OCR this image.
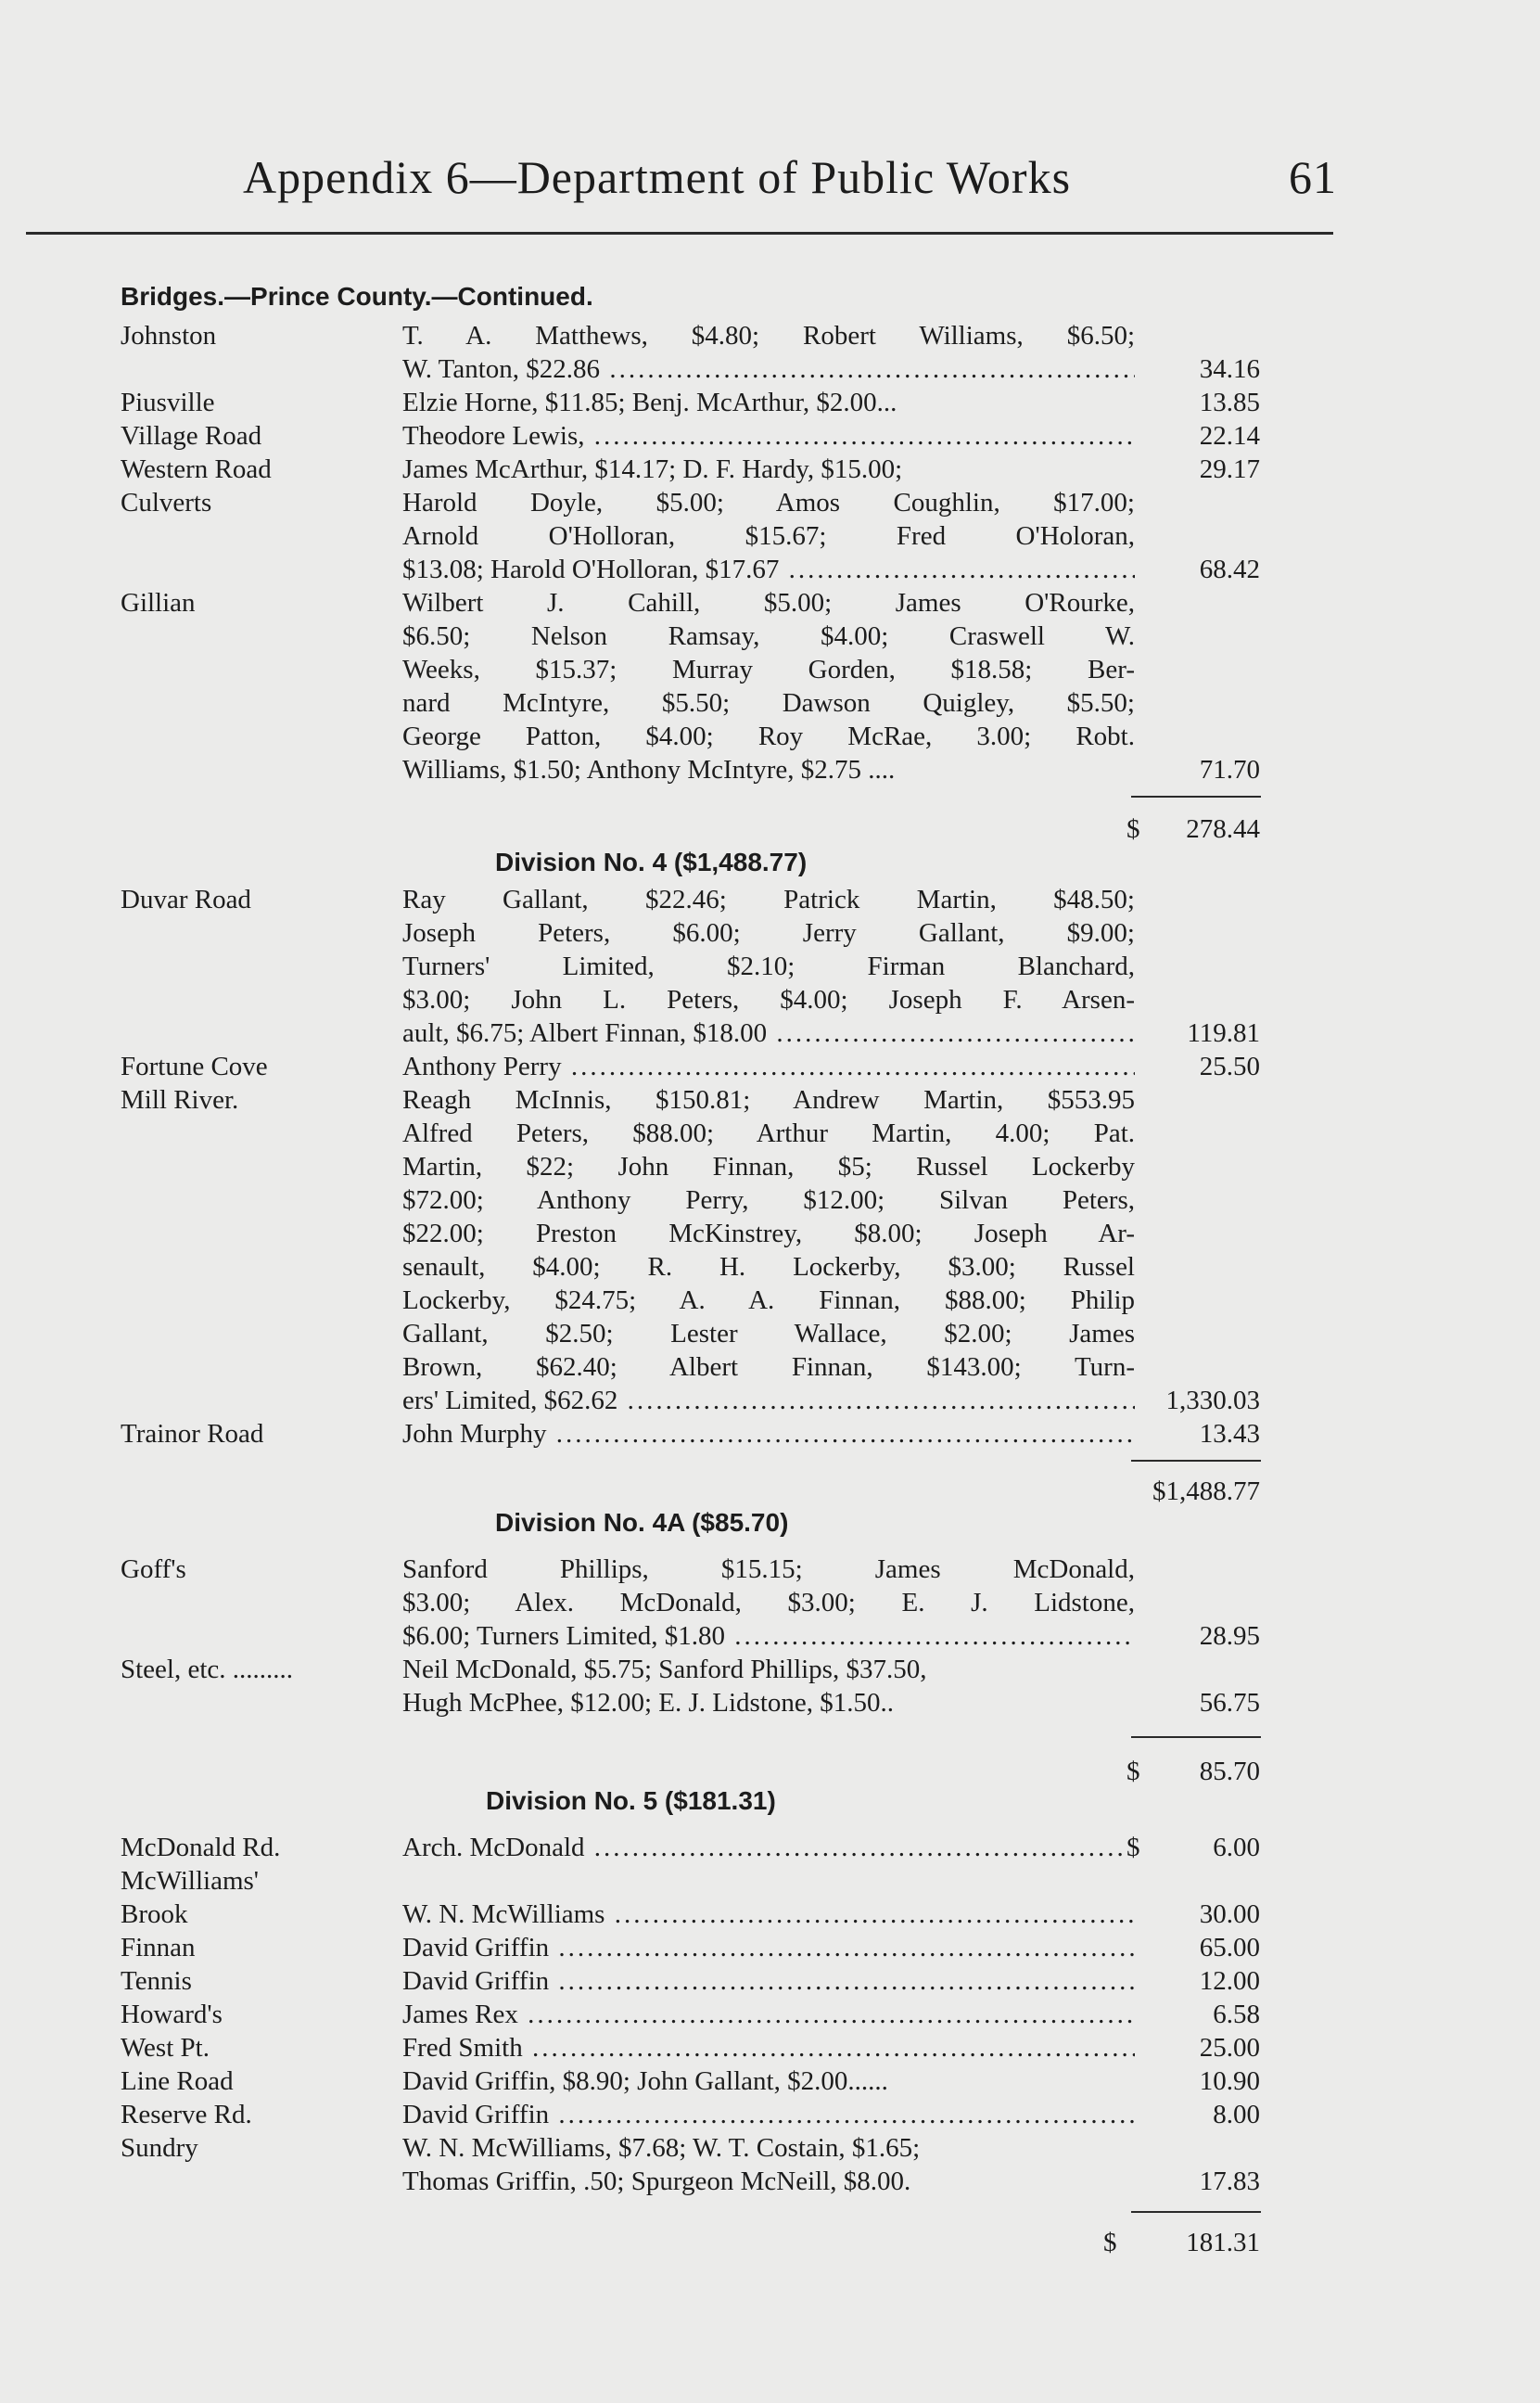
Appendix 6—Department of Public Works	61
Bridges.—Prince County.—Continued.
Johnston	T. A. Matthews, $4.80; Robert Williams, $6.50;
W. Tanton, $22.86 .....	34.16
Piusville	Elzie Horne, $11.85; Benj. McArthur, $2.00...	13.85
Village Road	Theodore Lewis, .....	22.14
Western Road	James McArthur, $14.17; D. F. Hardy, $15.00;	29.17
Culverts	Harold Doyle, $5.00; Amos Coughlin, $17.00;
Arnold O'Holloran, $15.67; Fred O'Holoran,
$13.08; Harold O'Holloran, $17.67 .....	68.42
Gillian	Wilbert J. Cahill, $5.00; James O'Rourke,
$6.50; Nelson Ramsay, $4.00; Craswell W.
Weeks, $15.37; Murray Gorden, $18.58; Ber-
nard McIntyre, $5.50; Dawson Quigley, $5.50;
George Patton, $4.00; Roy McRae, 3.00; Robt.
Williams, $1.50; Anthony McIntyre, $2.75 ....	71.70
$ 278.44
Division No. 4 ($1,488.77)
Duvar Road	Ray Gallant, $22.46; Patrick Martin, $48.50;
Joseph Peters, $6.00; Jerry Gallant, $9.00;
Turners' Limited, $2.10; Firman Blanchard,
$3.00; John L. Peters, $4.00; Joseph F. Arsen-
ault, $6.75; Albert Finnan, $18.00 .....	119.81
Fortune Cove	Anthony Perry .....	25.50
Mill River.	Reagh McInnis, $150.81; Andrew Martin, $553.95
Alfred Peters, $88.00; Arthur Martin, 4.00; Pat.
Martin, $22; John Finnan, $5; Russel Lockerby
$72.00; Anthony Perry, $12.00; Silvan Peters,
$22.00; Preston McKinstrey, $8.00; Joseph Ar-
senault, $4.00; R. H. Lockerby, $3.00; Russel
Lockerby, $24.75; A. A. Finnan, $88.00; Philip
Gallant, $2.50; Lester Wallace, $2.00; James
Brown, $62.40; Albert Finnan, $143.00; Turn-
ers' Limited, $62.62 .....	1,330.03
Trainor Road	John Murphy .....	13.43
$1,488.77
Division No. 4A ($85.70)
Goff's	Sanford Phillips, $15.15; James McDonald,
$3.00; Alex. McDonald, $3.00; E. J. Lidstone,
$6.00; Turners Limited, $1.80 .....	28.95
Steel, etc. .........	Neil McDonald, $5.75; Sanford Phillips, $37.50,
Hugh McPhee, $12.00; E. J. Lidstone, $1.50..	56.75
$ 85.70
Division No. 5 ($181.31)
McDonald Rd.	Arch. McDonald .....	$	6.00
McWilliams'
Brook	W. N. McWilliams .....	30.00
Finnan	David Griffin .....	65.00
Tennis	David Griffin .....	12.00
Howard's	James Rex .....	6.58
West Pt.	Fred Smith .....	25.00
Line Road	David Griffin, $8.90; John Gallant, $2.00......	10.90
Reserve Rd.	David Griffin .....	8.00
Sundry	W. N. McWilliams, $7.68; W. T. Costain, $1.65;
Thomas Griffin, .50; Spurgeon McNeill, $8.00.	17.83
$	181.31
